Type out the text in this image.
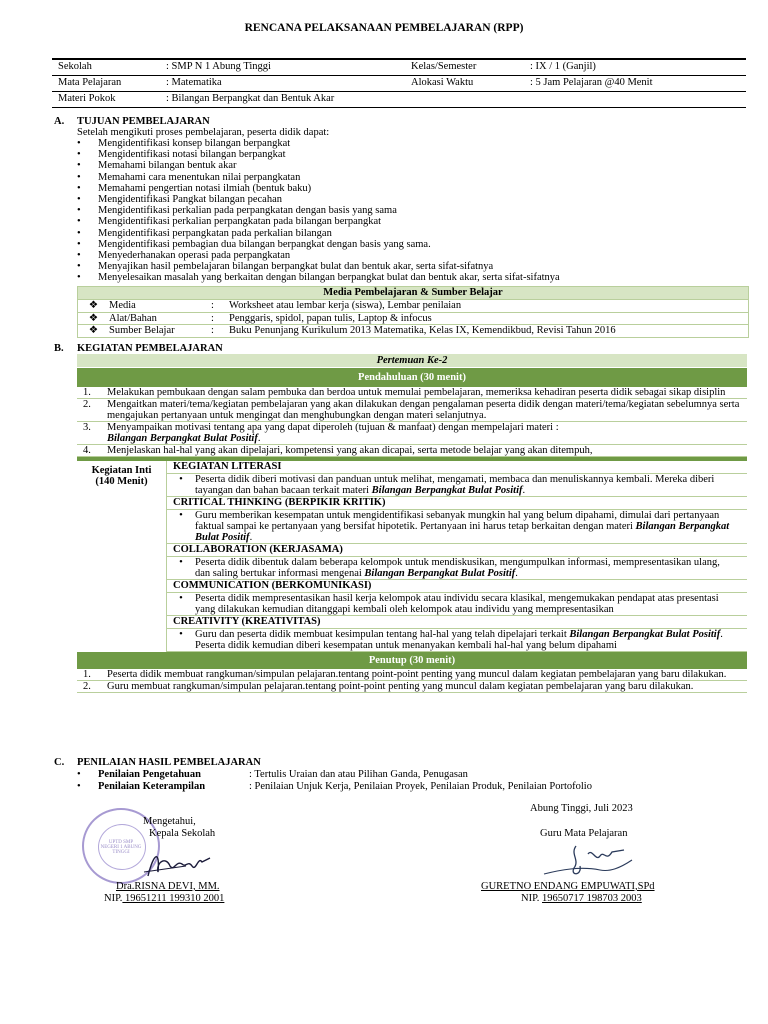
RENCANA PELAKSANAAN PEMBELAJARAN (RPP)
Sekolah	: SMP N 1 Abung Tinggi	Kelas/Semester	: IX / 1 (Ganjil)
Mata Pelajaran	: Matematika	Alokasi Waktu	: 5 Jam Pelajaran @40 Menit
Materi Pokok	: Bilangan Berpangkat dan Bentuk Akar		
A. TUJUAN PEMBELAJARAN
Setelah mengikuti proses pembelajaran, peserta didik dapat:
• Mengidentifikasi konsep bilangan berpangkat
• Mengidentifikasi notasi bilangan berpangkat
• Memahami bilangan bentuk akar
• Memahami cara menentukan nilai perpangkatan
• Memahami pengertian notasi ilmiah (bentuk baku)
• Mengidentifikasi Pangkat bilangan pecahan
• Mengidentifikasi perkalian pada perpangkatan dengan basis yang sama
• Mengidentifikasi perkalian perpangkatan pada bilangan berpangkat
• Mengidentifikasi perpangkatan pada perkalian bilangan
• Mengidentifikasi pembagian dua bilangan berpangkat dengan basis yang sama.
• Menyederhanakan operasi pada perpangkatan
• Menyajikan hasil pembelajaran bilangan berpangkat bulat dan bentuk akar, serta sifat-sifatnya
• Menyelesaikan masalah yang berkaitan dengan bilangan berpangkat bulat dan bentuk akar, serta sifat-sifatnya
Media Pembelajaran & Sumber Belajar
❖	Media	:	Worksheet atau lembar kerja (siswa), Lembar penilaian
❖	Alat/Bahan	:	Penggaris, spidol, papan tulis, Laptop & infocus
❖	Sumber Belajar	:	Buku Penunjang Kurikulum 2013 Matematika, Kelas IX, Kemendikbud, Revisi Tahun 2016
B. KEGIATAN PEMBELAJARAN
Pertemuan Ke-2
Pendahuluan (30 menit)
1.	Melakukan pembukaan dengan salam pembuka dan berdoa untuk memulai pembelajaran, memeriksa kehadiran peserta didik sebagai sikap disiplin
2.	Mengaitkan materi/tema/kegiatan pembelajaran yang akan dilakukan dengan pengalaman peserta didik dengan materi/tema/kegiatan sebelumnya serta mengajukan pertanyaan untuk mengingat dan menghubungkan dengan materi selanjutnya.
3.	Menyampaikan motivasi tentang apa yang dapat diperoleh (tujuan & manfaat) dengan mempelajari materi :
Bilangan Berpangkat Bulat Positif.
4.	Menjelaskan hal-hal yang akan dipelajari, kompetensi yang akan dicapai, serta metode belajar yang akan ditempuh,
Kegiatan Inti
(140 Menit)
KEGIATAN LITERASI
•	Peserta didik diberi motivasi dan panduan untuk melihat, mengamati, membaca dan menuliskannya kembali. Mereka diberi tayangan dan bahan bacaan terkait materi Bilangan Berpangkat Bulat Positif.
CRITICAL THINKING (BERPIKIR KRITIK)
•	Guru memberikan kesempatan untuk mengidentifikasi sebanyak mungkin hal yang belum dipahami, dimulai dari pertanyaan faktual sampai ke pertanyaan yang bersifat hipotetik. Pertanyaan ini harus tetap berkaitan dengan materi Bilangan Berpangkat Bulat Positif.
COLLABORATION (KERJASAMA)
•	Peserta didik dibentuk dalam beberapa kelompok untuk mendiskusikan, mengumpulkan informasi, mempresentasikan ulang, dan saling bertukar informasi mengenai Bilangan Berpangkat Bulat Positif.
COMMUNICATION (BERKOMUNIKASI)
•	Peserta didik mempresentasikan hasil kerja kelompok atau individu secara klasikal, mengemukakan pendapat atas presentasi yang dilakukan kemudian ditanggapi kembali oleh kelompok atau individu yang mempresentasikan
CREATIVITY (KREATIVITAS)
•	Guru dan peserta didik membuat kesimpulan tentang hal-hal yang telah dipelajari terkait Bilangan Berpangkat Bulat Positif. Peserta didik kemudian diberi kesempatan untuk menanyakan kembali hal-hal yang belum dipahami
Penutup (30 menit)
1.	Peserta didik membuat rangkuman/simpulan pelajaran.tentang point-point penting yang muncul dalam kegiatan pembelajaran yang baru dilakukan.
2.	Guru membuat rangkuman/simpulan pelajaran.tentang point-point penting yang muncul dalam kegiatan pembelajaran yang baru dilakukan.
C. PENILAIAN HASIL PEMBELAJARAN
• Penilaian Pengetahuan	: Tertulis Uraian dan atau Pilihan Ganda, Penugasan
• Penilaian Keterampilan	: Penilaian Unjuk Kerja, Penilaian Proyek, Penilaian Produk, Penilaian Portofolio
Abung Tinggi, Juli 2023
UPTD SMP NEGERI 1 ABUNG TINGGI
Mengetahui,
Kepala Sekolah	Guru Mata Pelajaran
Dra.RISNA DEVI, MM.
NIP. 19651211 199310 2001
GURETNO ENDANG EMPUWATI,SPd
NIP. 19650717 198703 2003
